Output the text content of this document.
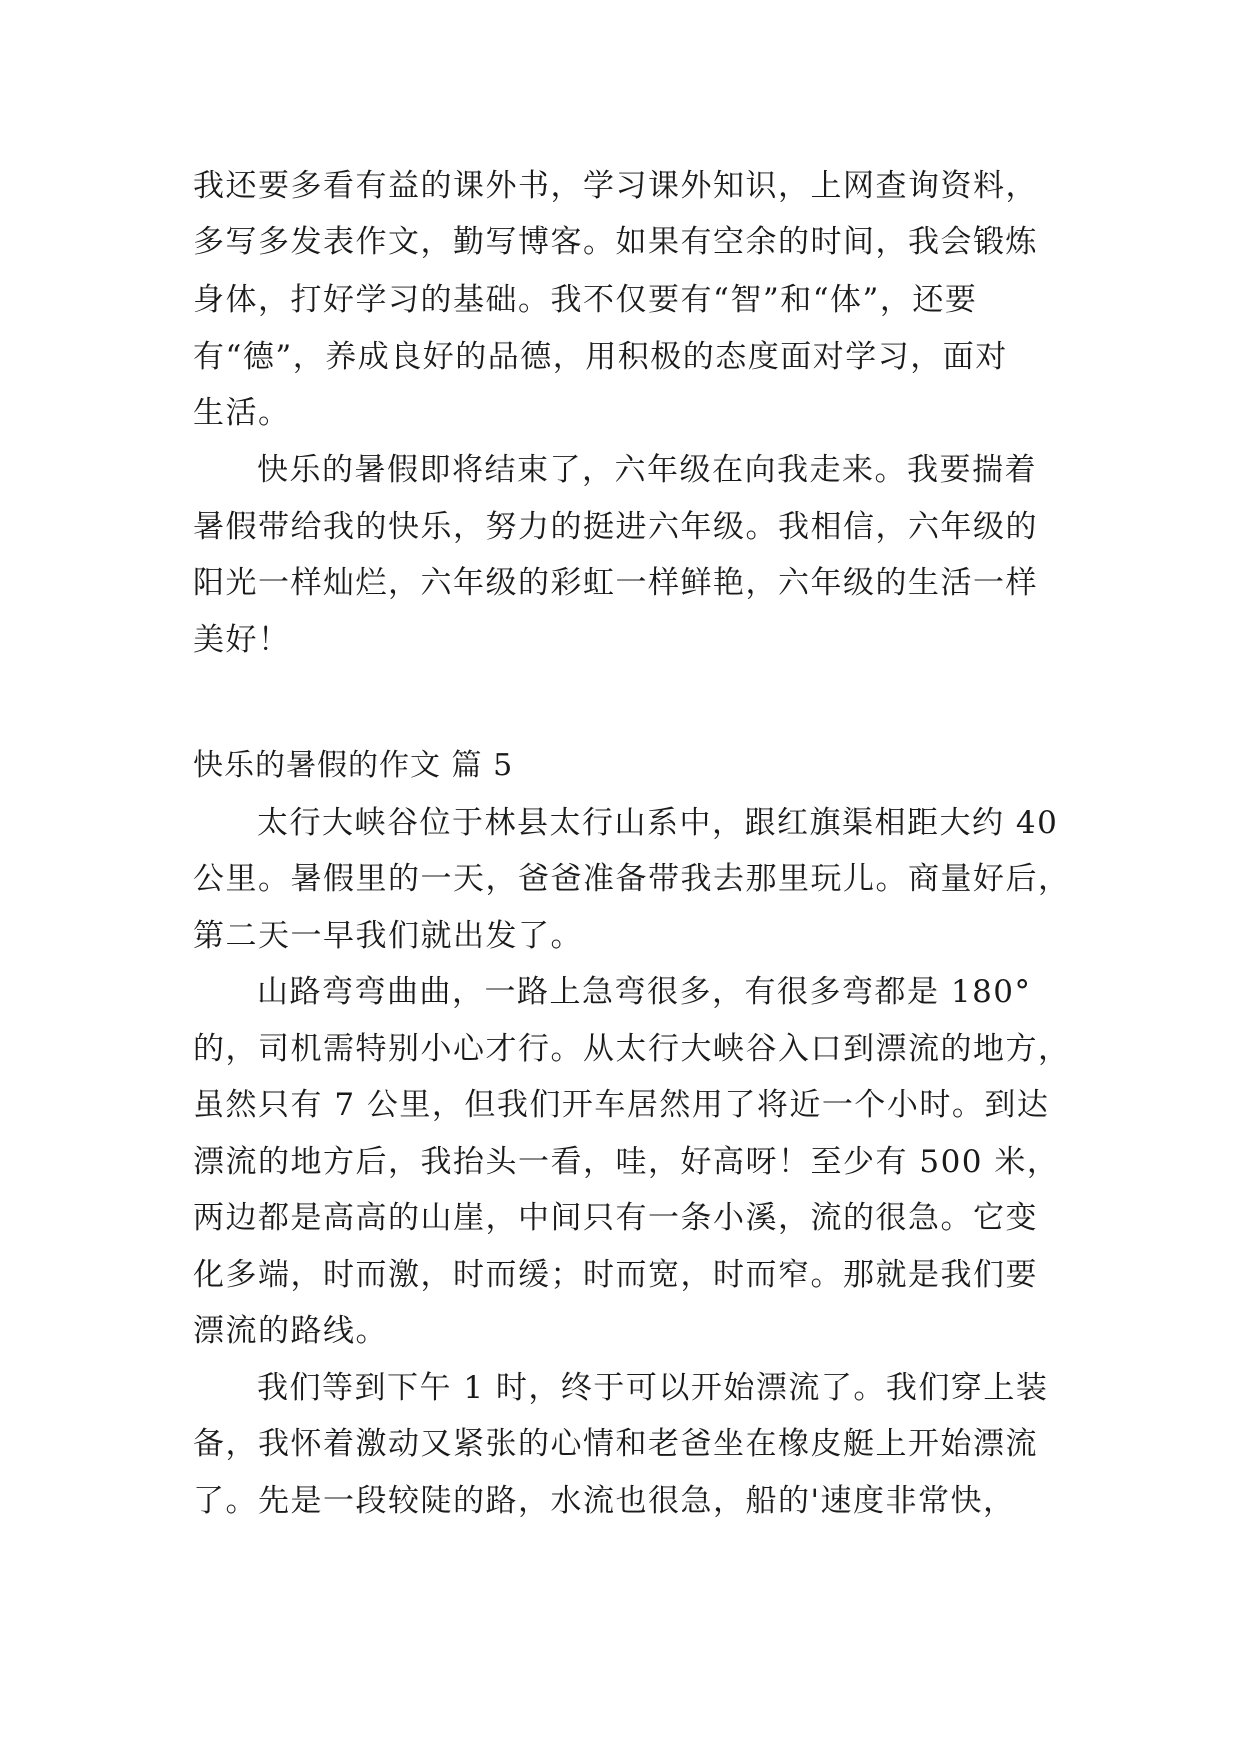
我还要多看有益的课外书，学习课外知识，上网查询资料，
多写多发表作文，勤写博客。如果有空余的时间，我会锻炼
身体，打好学习的基础。我不仅要有“智”和“体”，还要
有“德”，养成良好的品德，用积极的态度面对学习，面对
生活。
快乐的暑假即将结束了，六年级在向我走来。我要揣着
暑假带给我的快乐，努力的挺进六年级。我相信，六年级的
阳光一样灿烂，六年级的彩虹一样鲜艳，六年级的生活一样
美好！
快乐的暑假的作文 篇 5
太行大峡谷位于林县太行山系中，跟红旗渠相距大约 40
公里。暑假里的一天，爸爸准备带我去那里玩儿。商量好后，
第二天一早我们就出发了。
山路弯弯曲曲，一路上急弯很多，有很多弯都是 180°
的，司机需特别小心才行。从太行大峡谷入口到漂流的地方，
虽然只有 7 公里，但我们开车居然用了将近一个小时。到达
漂流的地方后，我抬头一看，哇，好高呀！至少有 500 米，
两边都是高高的山崖，中间只有一条小溪，流的很急。它变
化多端，时而激，时而缓；时而宽，时而窄。那就是我们要
漂流的路线。
我们等到下午 1 时，终于可以开始漂流了。我们穿上装
备，我怀着激动又紧张的心情和老爸坐在橡皮艇上开始漂流
了。先是一段较陡的路，水流也很急，船的'速度非常快，
